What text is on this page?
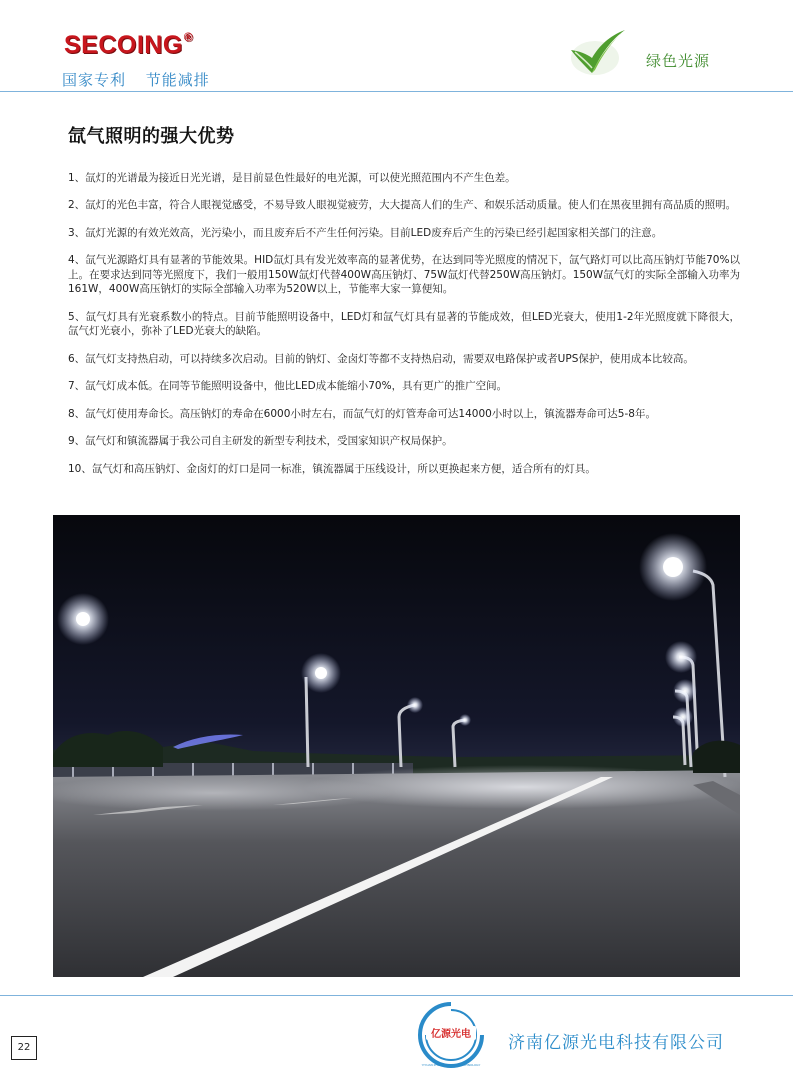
SECOING®
国家专利 节能减排
绿色光源
氙气照明的强大优势

1、氙灯的光谱最为接近日光光谱，是目前显色性最好的电光源，可以使光照范围内不产生色差。

2、氙灯的光色丰富，符合人眼视觉感受，不易导致人眼视觉疲劳，大大提高人们的生产、和娱乐活动质量。使人们在黑夜里拥有高品质的照明。

3、氙灯光源的有效光效高，光污染小，而且废弃后不产生任何污染。目前LED废弃后产生的污染已经引起国家相关部门的注意。

4、氙气光源路灯具有显著的节能效果。HID氙灯具有发光效率高的显著优势，在达到同等光照度的情况下，氙气路灯可以比高压钠灯节能70%以上。在要求达到同等光照度下，我们一般用150W氙灯代替400W高压钠灯、75W氙灯代替250W高压钠灯。150W氙气灯的实际全部输入功率为161W，400W高压钠灯的实际全部输入功率为520W以上，节能率大家一算便知。

5、氙气灯具有光衰系数小的特点。目前节能照明设备中，LED灯和氙气灯具有显著的节能成效，但LED光衰大，使用1-2年光照度就下降很大，氙气灯光衰小，弥补了LED光衰大的缺陷。

6、氙气灯支持热启动，可以持续多次启动。目前的钠灯、金卤灯等都不支持热启动，需要双电路保护或者UPS保护，使用成本比较高。

7、氙气灯成本低。在同等节能照明设备中，他比LED成本能缩小70%，具有更广的推广空间。

8、氙气灯使用寿命长。高压钠灯的寿命在6000小时左右，而氙气灯的灯管寿命可达14000小时以上，镇流器寿命可达5-8年。

9、氙气灯和镇流器属于我公司自主研发的新型专利技术，受国家知识产权局保护。

10、氙气灯和高压钠灯、金卤灯的灯口是同一标准，镇流器属于压线设计，所以更换起来方便，适合所有的灯具。

22
亿源光电
YIYUAN PHOTOELECTRIC TECHNOLOGY
济南亿源光电科技有限公司
